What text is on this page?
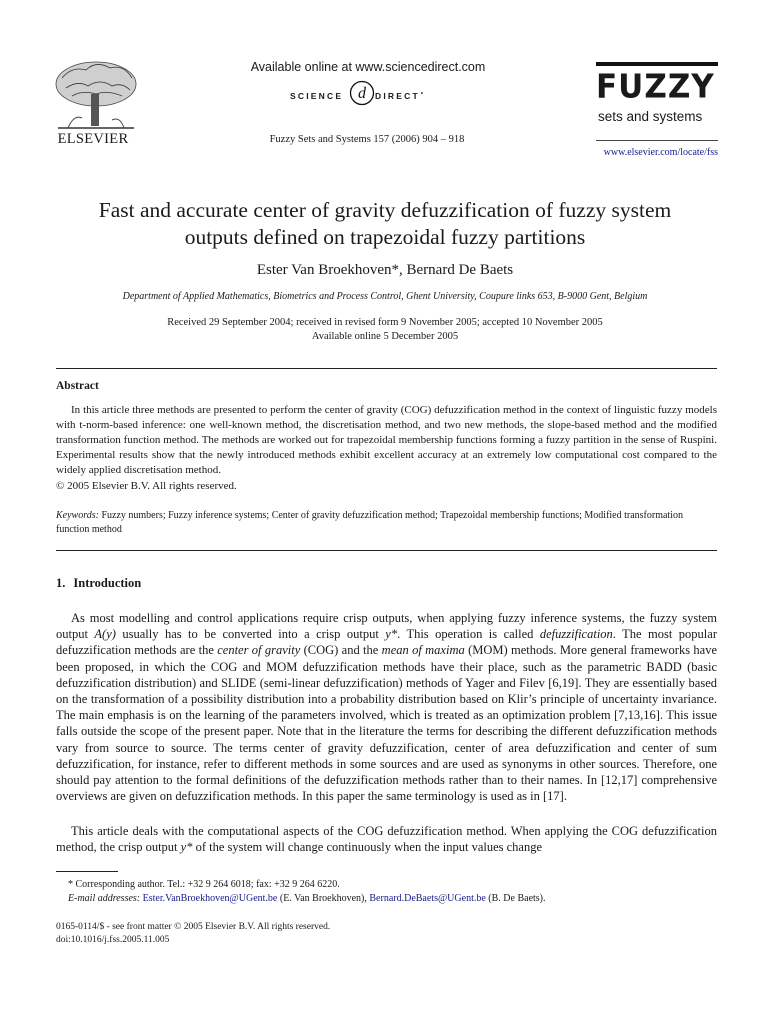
ELSEVIER
Available online at www.sciencedirect.com
SCIENCE d DIRECT•
Fuzzy Sets and Systems 157 (2006) 904 – 918
FUZZY
sets and systems
www.elsevier.com/locate/fss
Fast and accurate center of gravity defuzzification of fuzzy system
outputs defined on trapezoidal fuzzy partitions
Ester Van Broekhoven*, Bernard De Baets
Department of Applied Mathematics, Biometrics and Process Control, Ghent University, Coupure links 653, B-9000 Gent, Belgium
Received 29 September 2004; received in revised form 9 November 2005; accepted 10 November 2005
Available online 5 December 2005
Abstract
In this article three methods are presented to perform the center of gravity (COG) defuzzification method in the context of linguistic fuzzy models with t-norm-based inference: one well-known method, the discretisation method, and two new methods, the slope-based method and the modified transformation function method. The methods are worked out for trapezoidal membership functions forming a fuzzy partition in the sense of Ruspini. Experimental results show that the newly introduced methods exhibit excellent accuracy at an extremely low computational cost compared to the widely applied discretisation method.
© 2005 Elsevier B.V. All rights reserved.
Keywords: Fuzzy numbers; Fuzzy inference systems; Center of gravity defuzzification method; Trapezoidal membership functions; Modified transformation function method
1. Introduction
As most modelling and control applications require crisp outputs, when applying fuzzy inference systems, the fuzzy system output A(y) usually has to be converted into a crisp output y*. This operation is called defuzzification. The most popular defuzzification methods are the center of gravity (COG) and the mean of maxima (MOM) methods. More general frameworks have been proposed, in which the COG and MOM defuzzification methods have their place, such as the parametric BADD (basic defuzzification distribution) and SLIDE (semi-linear defuzzification) methods of Yager and Filev [6,19]. They are essentially based on the transformation of a possibility distribution into a probability distribution based on Klir’s principle of uncertainty invariance. The main emphasis is on the learning of the parameters involved, which is treated as an optimization problem [7,13,16]. This issue falls outside the scope of the present paper. Note that in the literature the terms for describing the different defuzzification methods vary from source to source. The terms center of gravity defuzzification, center of area defuzzification and center of sum defuzzification, for instance, refer to different methods in some sources and are used as synonyms in other sources. Therefore, one should pay attention to the formal definitions of the defuzzification methods rather than to their names. In [12,17] comprehensive overviews are given on defuzzification methods. In this paper the same terminology is used as in [17].
This article deals with the computational aspects of the COG defuzzification method. When applying the COG defuzzification method, the crisp output y* of the system will change continuously when the input values change
* Corresponding author. Tel.: +32 9 264 6018; fax: +32 9 264 6220.
E-mail addresses: Ester.VanBroekhoven@UGent.be (E. Van Broekhoven), Bernard.DeBaets@UGent.be (B. De Baets).
0165-0114/$ - see front matter © 2005 Elsevier B.V. All rights reserved.
doi:10.1016/j.fss.2005.11.005
